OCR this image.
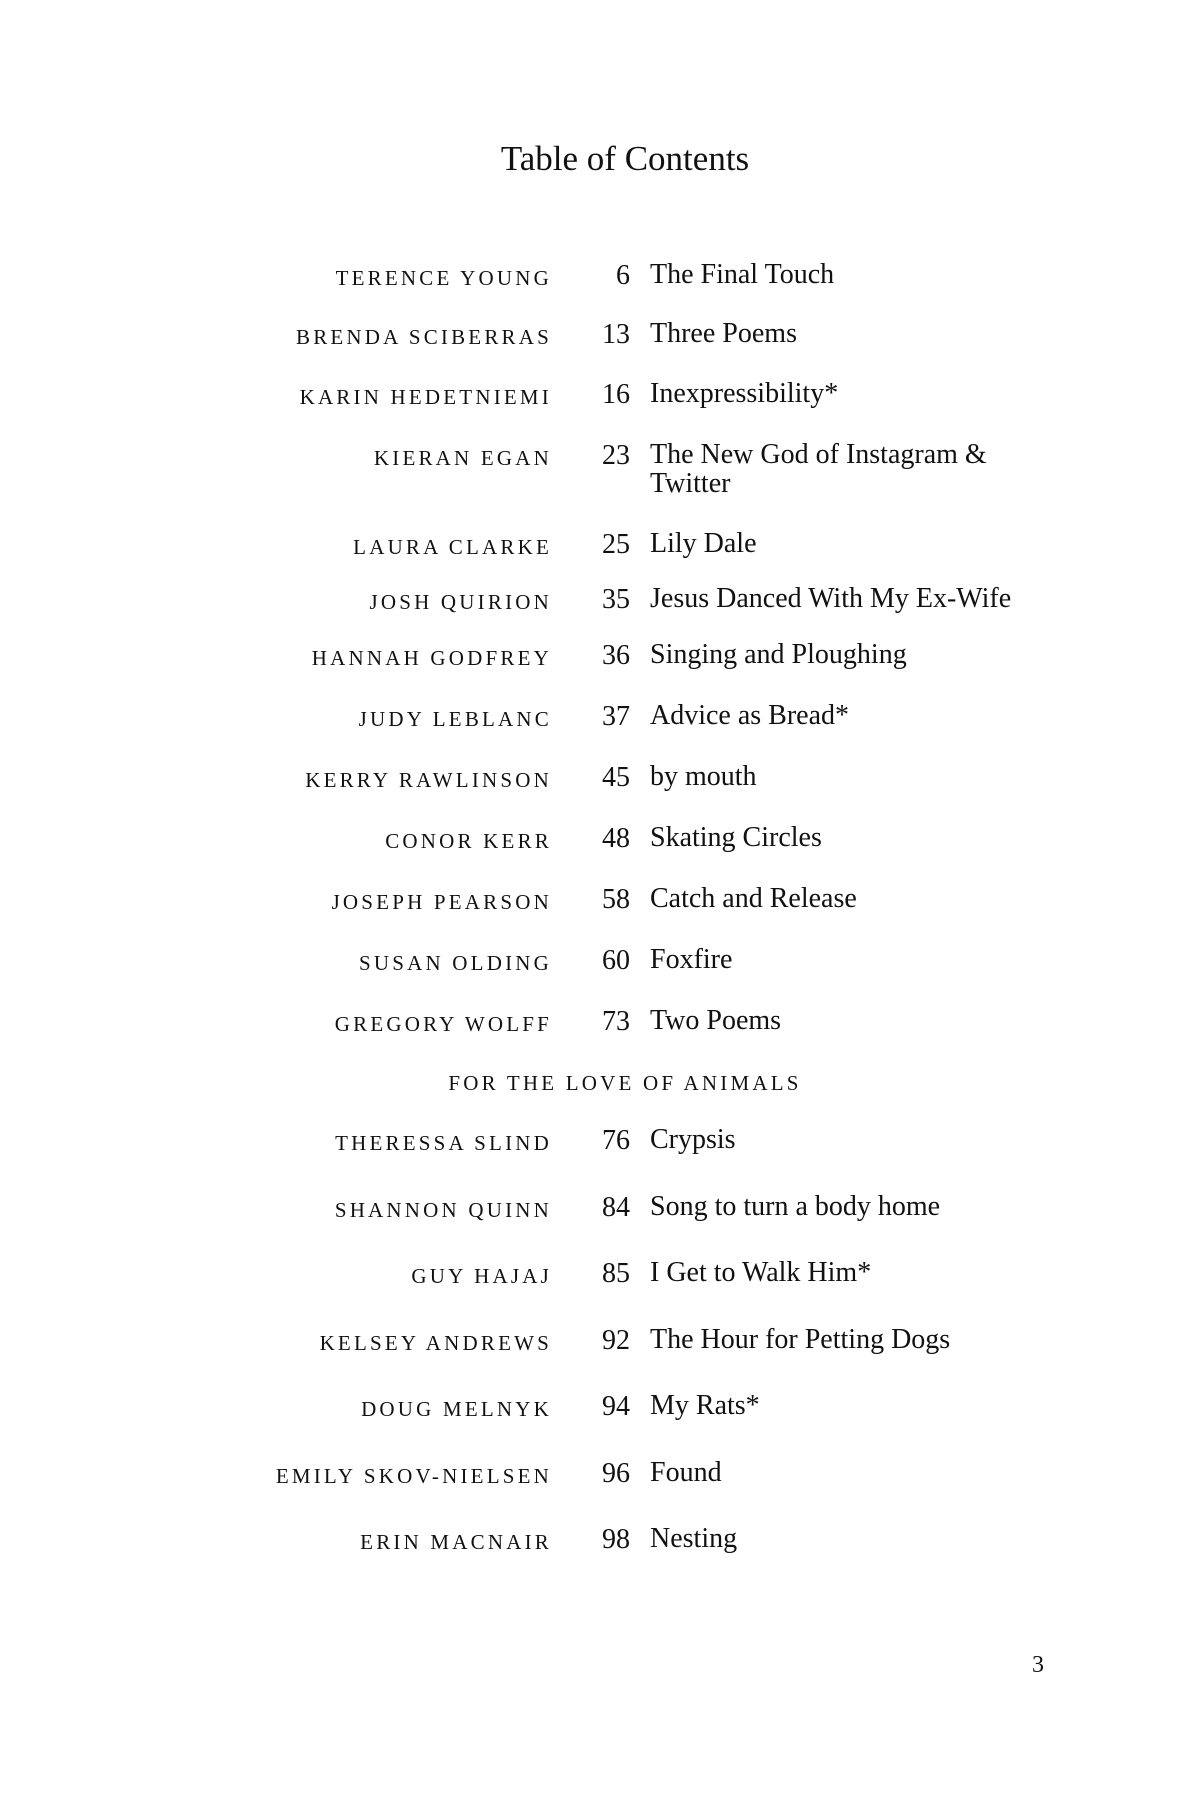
Table of Contents
TERENCE YOUNG 6 The Final Touch
BRENDA SCIBERRAS 13 Three Poems
KARIN HEDETNIEMI 16 Inexpressibility*
KIERAN EGAN 23 The New God of Instagram & Twitter
LAURA CLARKE 25 Lily Dale
JOSH QUIRION 35 Jesus Danced With My Ex-Wife
HANNAH GODFREY 36 Singing and Ploughing
JUDY LEBLANC 37 Advice as Bread*
KERRY RAWLINSON 45 by mouth
CONOR KERR 48 Skating Circles
JOSEPH PEARSON 58 Catch and Release
SUSAN OLDING 60 Foxfire
GREGORY WOLFF 73 Two Poems
FOR THE LOVE OF ANIMALS
THERESSA SLIND 76 Crypsis
SHANNON QUINN 84 Song to turn a body home
GUY HAJAJ 85 I Get to Walk Him*
KELSEY ANDREWS 92 The Hour for Petting Dogs
DOUG MELNYK 94 My Rats*
EMILY SKOV-NIELSEN 96 Found
ERIN MACNAIR 98 Nesting
3
